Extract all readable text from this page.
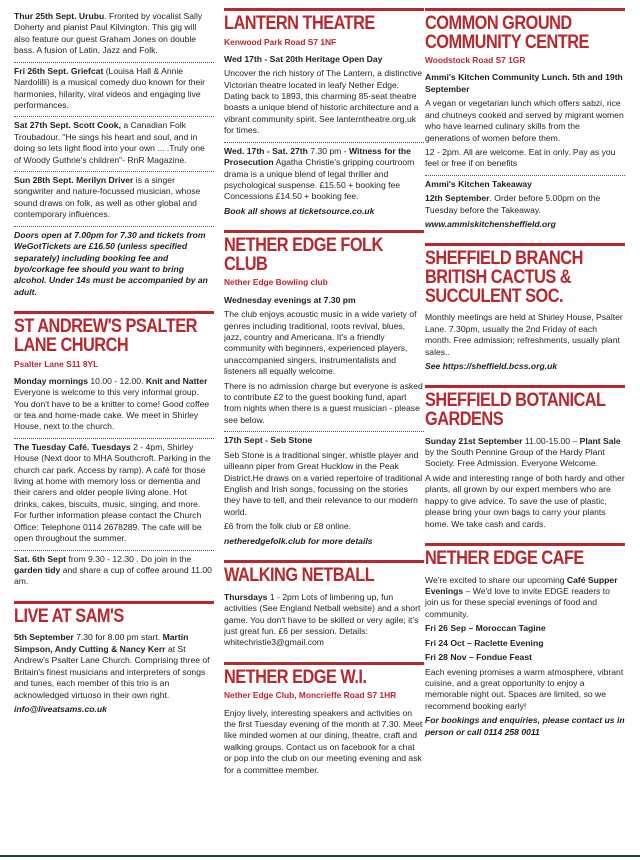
Thur 25th Sept. Urubu. Fronted by vocalist Sally Doherty and pianist Paul Kilvington. This gig will also feature our guest Graham Jones on double bass. A fusion of Latin, Jazz and Folk.

Fri 26th Sept. Griefcat (Louisa Hall & Annie Nardolilli) is a musical comedy duo known for their harmonies, hilarity, viral videos and engaging live performances.

Sat 27th Sept. Scott Cook, a Canadian Folk Troubadour. "He sings his heart and soul, and in doing so lets light flood into your own ... .Truly one of Woody Guthrie's children"- RnR Magazine.

Sun 28th Sept. Merilyn Driver is a singer songwriter and nature-focussed musician, whose sound draws on folk, as well as other global and contemporary influences.

Doors open at 7.00pm for 7.30 and tickets from WeGotTickets are £16.50 (unless specified separately) including booking fee and byo/corkage fee should you want to bring alcohol. Under 14s must be accompanied by an adult.

ST ANDREW'S PSALTER LANE CHURCH
Psalter Lane S11 8YL

Monday mornings 10.00 - 12.00. Knit and Natter Everyone is welcome to this very informal group. You don't have to be a knitter to come! Good coffee or tea and home-made cake. We meet in Shirley House, next to the church.

The Tuesday Café. Tuesdays 2 - 4pm, Shirley House (Next door to MHA Southcroft. Parking in the church car park. Access by ramp). A café for those living at home with memory loss or dementia and their carers and older people living alone. Hot drinks, cakes, biscuits, music, singing, and more. For further information please contact the Church Office: Telephone 0114 2678289. The cafe will be open throughout the summer.

Sat. 6th Sept from 9.30 - 12.30 . Do join in the garden tidy and share a cup of coffee around 11.00 am.

LIVE AT SAM'S

5th September 7.30 for 8.00 pm start. Martin Simpson, Andy Cutting & Nancy Kerr at St Andrew's Psalter Lane Church. Comprising three of Britain's finest musicians and interpreters of songs and tunes, each member of this trio is an acknowledged virtuoso in their own right.

info@liveatsams.co.uk

LANTERN THEATRE
Kenwood Park Road S7 1NF

Wed 17th - Sat 20th Heritage Open Day

Uncover the rich history of The Lantern, a distinctive Victorian theatre located in leafy Nether Edge. Dating back to 1893, this charming 85-seat theatre boasts a unique blend of historic architecture and a vibrant community spirit. See lanterntheatre.org.uk for times.

Wed. 17th - Sat. 27th 7.30 pm - Witness for the Prosecution Agatha Christie's gripping courtroom drama is a unique blend of legal thriller and psychological suspense. £15.50 + booking fee Concessions £14.50 + booking fee.

Book all shows at ticketsource.co.uk

NETHER EDGE FOLK CLUB
Nether Edge Bowling club

Wednesday evenings at 7.30 pm

The club enjoys acoustic music in a wide variety of genres including traditional, roots revival, blues, jazz, country and Americana. It's a friendly community with beginners, experienced players, unaccompanied singers, instrumentalists and listeners all equally welcome.

There is no admission charge but everyone is asked to contribute £2 to the guest booking fund, apart from nights when there is a guest musician - please see below.

17th Sept - Seb Stone

Seb Stone is a traditional singer, whistle player and uilleann piper from Great Hucklow in the Peak District.He draws on a varied repertoire of traditional English and Irish songs, focussing on the stories they have to tell, and their relevance to our modern world.

£6 from the folk club or £8 online.

netheredgefolk.club for more details

WALKING NETBALL

Thursdays 1 - 2pm Lots of limbering up, fun activities (See England Netball website) and a short game. You don't have to be skilled or very agile; it's just great fun. £6 per session. Details: whitechristie3@gmail.com

NETHER EDGE W.I.
Nether Edge Club, Moncrieffe Road S7 1HR

Enjoy lively, interesting speakers and activities on the first Tuesday evening of the month at 7.30. Meet like minded women at our dining, theatre, craft and walking groups. Contact us on facebook for a chat or pop into the club on our meeting evening and ask for a committee member.

COMMON GROUND COMMUNITY CENTRE
Woodstock Road S7 1GR

Ammi's Kitchen Community Lunch. 5th and 19th September

A vegan or vegetarian lunch which offers sabzi, rice and chutneys cooked and served by migrant women who have learned culinary skills from the generations of women before them.

12 - 2pm. All are welcome. Eat in only. Pay as you feel or free if on benefits

Ammi's Kitchen Takeaway

12th September. Order before 5.00pm on the Tuesday before the Takeaway.

www.ammiskitchensheffield.org

SHEFFIELD BRANCH BRITISH CACTUS & SUCCULENT SOC.

Monthly meetings are held at Shirley House, Psalter Lane. 7.30pm, usually the 2nd Friday of each month. Free admission; refreshments, usually plant sales..

See https://sheffield.bcss.org.uk

SHEFFIELD BOTANICAL GARDENS

Sunday 21st September 11.00-15.00 – Plant Sale by the South Pennine Group of the Hardy Plant Society. Free Admission. Everyone Welcome.

A wide and interesting range of both hardy and other plants, all grown by our expert members who are happy to give advice. To save the use of plastic, please bring your own bags to carry your plants home. We take cash and cards.

NETHER EDGE CAFE

We're excited to share our upcoming Café Supper Evenings – We'd love to invite EDGE readers to join us for these special evenings of food and community.

Fri 26 Sep – Moroccan Tagine

Fri 24 Oct – Raclette Evening

Fri 28 Nov – Fondue Feast

Each evening promises a warm atmosphere, vibrant cuisine, and a great opportunity to enjoy a memorable night out. Spaces are limited, so we recommend booking early!

For bookings and enquiries, please contact us in person or call 0114 258 0011
